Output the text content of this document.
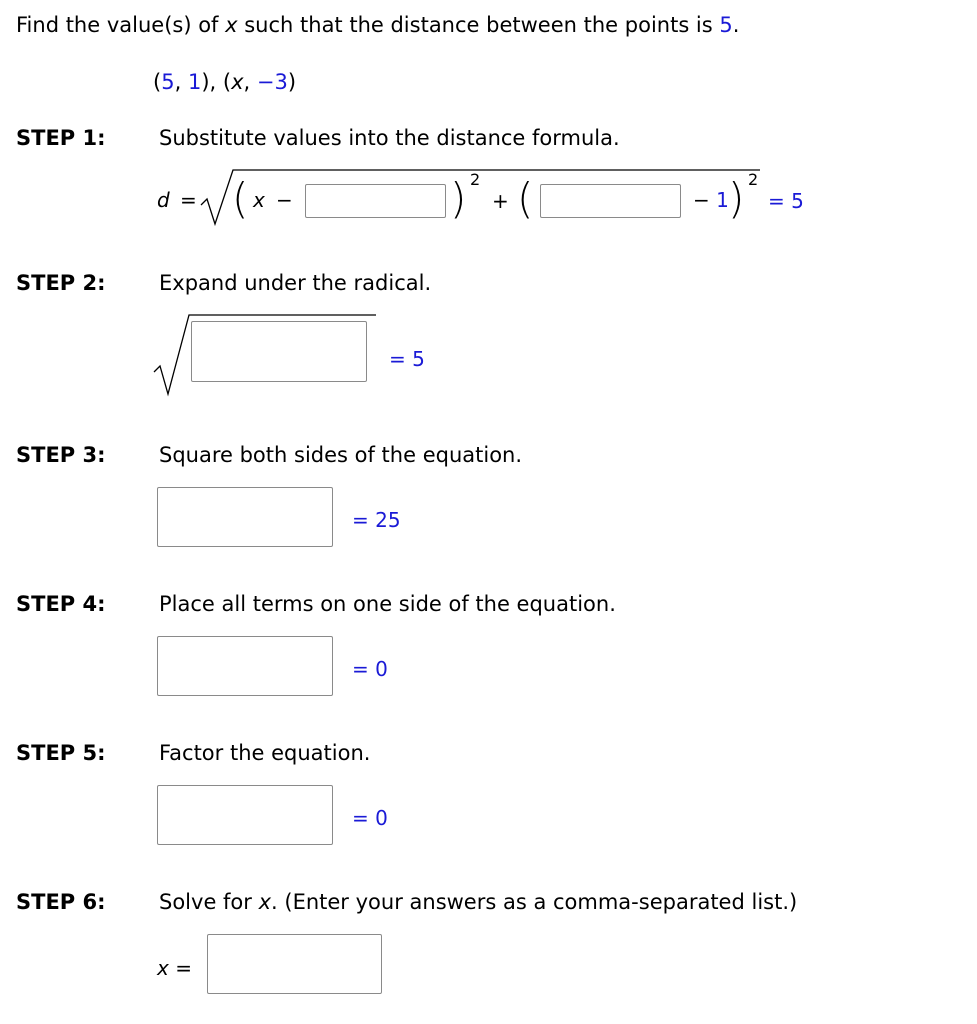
Find the value(s) of x such that the distance between the points is 5.
(5, 1), (x, −3)
STEP 1:	Substitute values into the distance formula.
d = ( x −	) 2
+ (	− 1 ) 2
= 5
STEP 2:	Expand under the radical.
= 5
STEP 3:	Square both sides of the equation.
= 25
STEP 4:	Place all terms on one side of the equation.
= 0
STEP 5:	Factor the equation.
= 0
STEP 6:	Solve for x. (Enter your answers as a comma-separated list.)
x =
